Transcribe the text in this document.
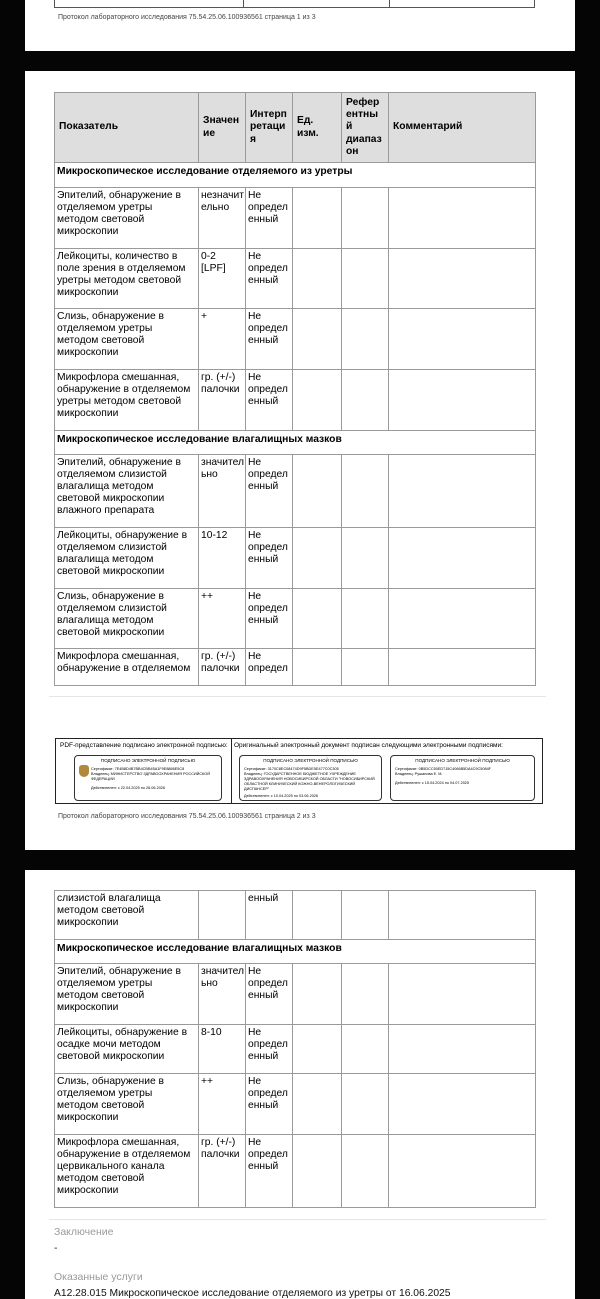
Протокол лабораторного исследования 75.54.25.06.100936561 страница 1 из 3
Показатель	Значен ие	Интерп ретаци я	Ед. изм.	Рефер ентны й диапаз он	Комментарий
Микроскопическое исследование отделяемого из уретры					
Эпителий, обнаружение в отделяемом уретры методом световой микроскопии	незначит ельно	Не определ енный			
Лейкоциты, количество в поле зрения в отделяемом уретры методом световой микроскопии	0-2 [LPF]	Не определ енный			
Слизь, обнаружение в отделяемом уретры методом световой микроскопии	+	Не определ енный			
Микрофлора смешанная, обнаружение в отделяемом уретры методом световой микроскопии	гр. (+/-) палочки	Не определ енный			
Микроскопическое исследование влагалищных мазков					
Эпителий, обнаружение в отделяемом слизистой влагалища методом световой микроскопии влажного препарата	значител ьно	Не определ енный			
Лейкоциты, обнаружение в отделяемом слизистой влагалища методом световой микроскопии	10-12	Не определ енный			
Слизь, обнаружение в отделяемом слизистой влагалища методом световой микроскопии	++	Не определ енный			
Микрофлора смешанная, обнаружение в отделяемом	гр. (+/-) палочки	Не определ			
PDF-представление подписано электронной подписью: Оригинальный электронный документ подписан следующими электронными подписями:
ПОДПИСАНО ЭЛЕКТРОННОЙ ПОДПИСЬЮ
Сертификат: 7E4B8D4B7BB4CBB45A1F9E8866E5C8
Владелец: МИНИСТЕРСТВО ЗДРАВООХРАНЕНИЯ РОССИЙСКОЙ ФЕДЕРАЦИИ
Действителен: с 22.04.2025 по 26.06.2026
ПОДПИСАНО ЭЛЕКТРОННОЙ ПОДПИСЬЮ
Сертификат: 3170C8EC08474D9F5BDE5E477C0C305
Владелец: ГОСУДАРСТВЕННОЕ БЮДЖЕТНОЕ УЧРЕЖДЕНИЕ ЗДРАВООХРАНЕНИЯ НОВОСИБИРСКОЙ ОБЛАСТИ "НОВОСИБИРСКИЙ ОБЛАСТНОЙ КЛИНИЧЕСКИЙ КОЖНО-ВЕНЕРОЛОГИЧЕСКИЙ ДИСПАНСЕР"
Действителен: с 10.04.2025 по 03.06.2026
ПОДПИСАНО ЭЛЕКТРОННОЙ ПОДПИСЬЮ
Сертификат: 0B5DCC50ED715C4066B5DA4C9C5084F
Владелец: Рушанова Е. М.
Действителен: с 15.04.2024 по 04.07.2025
Протокол лабораторного исследования 75.54.25.06.100936561 страница 2 из 3
слизистой влагалища методом световой микроскопии		енный			
Микроскопическое исследование влагалищных мазков					
Эпителий, обнаружение в отделяемом уретры методом световой микроскопии	значител ьно	Не определ енный			
Лейкоциты, обнаружение в осадке мочи методом световой микроскопии	8-10	Не определ енный			
Слизь, обнаружение в отделяемом уретры методом световой микроскопии	++	Не определ енный			
Микрофлора смешанная, обнаружение в отделяемом цервикального канала методом световой микроскопии	гр. (+/-) палочки	Не определ енный			
Заключение
-
Оказанные услуги
A12.28.015 Микроскопическое исследование отделяемого из уретры от 16.06.2025
